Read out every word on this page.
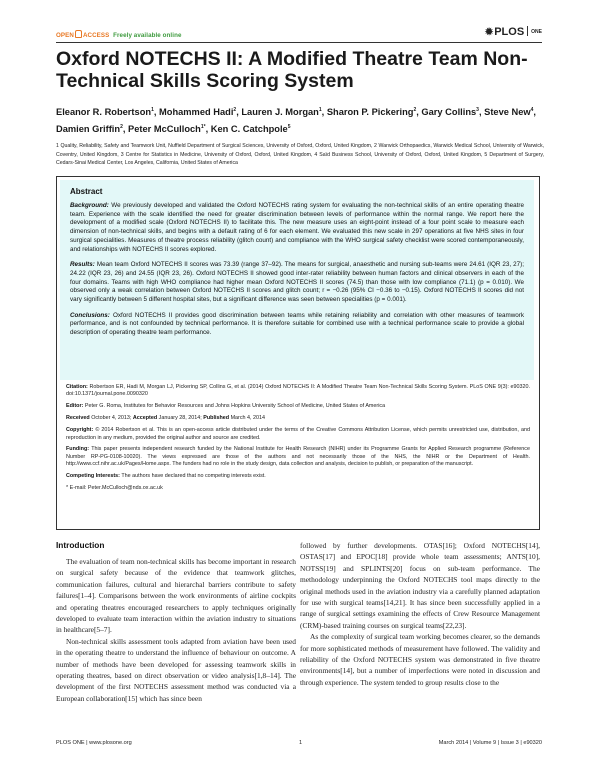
OPEN ACCESS Freely available online	✹PLOS ONE
Oxford NOTECHS II: A Modified Theatre Team Non-Technical Skills Scoring System
Eleanor R. Robertson$^1$, Mohammed Hadi$^2$, Lauren J. Morgan$^1$, Sharon P. Pickering$^2$, Gary Collins$^3$, Steve New$^4$, Damien Griffin$^2$, Peter McCulloch$^{1*}$, Ken C. Catchpole$^5$
1 Quality, Reliability, Safety and Teamwork Unit, Nuffield Department of Surgical Sciences, University of Oxford, Oxford, United Kingdom, 2 Warwick Orthopaedics, Warwick Medical School, University of Warwick, Coventry, United Kingdom, 3 Centre for Statistics in Medicine, University of Oxford, Oxford, United Kingdom, 4 Saïd Business School, University of Oxford, Oxford, United Kingdom, 5 Department of Surgery, Cedars-Sinai Medical Center, Los Angeles, California, United States of America
Abstract

Background: We previously developed and validated the Oxford NOTECHS rating system for evaluating the non-technical skills of an entire operating theatre team. Experience with the scale identified the need for greater discrimination between levels of performance within the normal range. We report here the development of a modified scale (Oxford NOTECHS II) to facilitate this. The new measure uses an eight-point instead of a four point scale to measure each dimension of non-technical skills, and begins with a default rating of 6 for each element. We evaluated this new scale in 297 operations at five NHS sites in four surgical specialities. Measures of theatre process reliability (glitch count) and compliance with the WHO surgical safety checklist were scored contemporaneously, and relationships with NOTECHS II scores explored.

Results: Mean team Oxford NOTECHS II scores was 73.39 (range 37–92). The means for surgical, anaesthetic and nursing sub-teams were 24.61 (IQR 23, 27); 24.22 (IQR 23, 26) and 24.55 (IQR 23, 26). Oxford NOTECHS II showed good inter-rater reliability between human factors and clinical observers in each of the four domains. Teams with high WHO compliance had higher mean Oxford NOTECHS II scores (74.5) than those with low compliance (71.1) (p = 0.010). We observed only a weak correlation between Oxford NOTECHS II scores and glitch count; r = −0.26 (95% CI −0.36 to −0.15). Oxford NOTECHS II scores did not vary significantly between 5 different hospital sites, but a significant difference was seen between specialities (p = 0.001).

Conclusions: Oxford NOTECHS II provides good discrimination between teams while retaining reliability and correlation with other measures of teamwork performance, and is not confounded by technical performance. It is therefore suitable for combined use with a technical performance scale to provide a global description of operating theatre team performance.

Citation: Robertson ER, Hadi M, Morgan LJ, Pickering SP, Collins G, et al. (2014) Oxford NOTECHS II: A Modified Theatre Team Non-Technical Skills Scoring System. PLoS ONE 9(3): e90320. doi:10.1371/journal.pone.0090320

Editor: Peter G. Roma, Institutes for Behavior Resources and Johns Hopkins University School of Medicine, United States of America

Received October 4, 2013; Accepted January 28, 2014; Published March 4, 2014

Copyright: © 2014 Robertson et al. This is an open-access article distributed under the terms of the Creative Commons Attribution License, which permits unrestricted use, distribution, and reproduction in any medium, provided the original author and source are credited.

Funding: This paper presents independent research funded by the National Institute for Health Research (NIHR) under its Programme Grants for Applied Research programme (Reference Number RP-PG-0108-10020). The views expressed are those of the authors and not necessarily those of the NHS, the NIHR or the Department of Health. http://www.ccf.nihr.ac.uk/Pages/Home.aspx. The funders had no role in the study design, data collection and analysis, decision to publish, or preparation of the manuscript.

Competing Interests: The authors have declared that no competing interests exist.

* E-mail: Peter.McCulloch@nds.ox.ac.uk

Introduction

The evaluation of team non-technical skills has become important in research on surgical safety because of the evidence that teamwork glitches, communication failures, cultural and hierarchal barriers contribute to safety failures[1–4]. Comparisons between the work environments of airline cockpits and operating theatres encouraged researchers to apply techniques originally developed to evaluate team interaction within the aviation industry to situations in healthcare[5–7].

Non-technical skills assessment tools adapted from aviation have been used in the operating theatre to understand the influence of behaviour on outcome. A number of methods have been developed for assessing teamwork skills in operating theatres, based on direct observation or video analysis[1,8–14]. The development of the first NOTECHS assessment method was conducted via a European collaboration[15] which has since been

followed by further developments. OTAS[16]; Oxford NOTECHS[14], OSTAS[17] and EPOC[18] provide whole team assessments; ANTS[10], NOTSS[19] and SPLINTS[20] focus on sub-team performance. The methodology underpinning the Oxford NOTECHS tool maps directly to the original methods used in the aviation industry via a carefully planned adaptation for use with surgical teams[14,21]. It has since been successfully applied in a range of surgical settings examining the effects of Crew Resource Management (CRM)-based training courses on surgical teams[22,23].

As the complexity of surgical team working becomes clearer, so the demands for more sophisticated methods of measurement have followed. The validity and reliability of the Oxford NOTECHS system was demonstrated in five theatre environments[14], but a number of imperfections were noted in discussion and through experience. The system tended to group results close to the

PLOS ONE | www.plosone.org	1	March 2014 | Volume 9 | Issue 3 | e90320
